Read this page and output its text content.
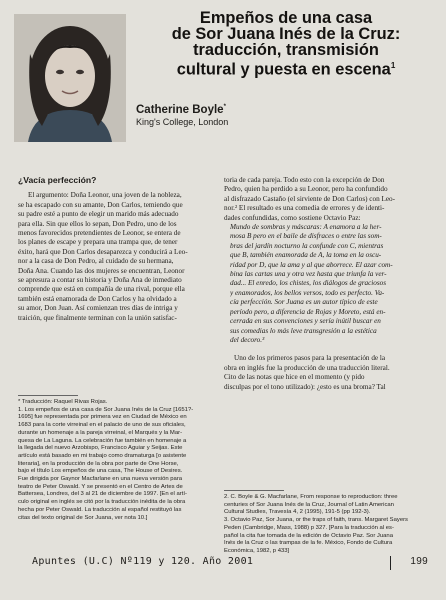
Empeños de una casa
de Sor Juana Inés de la Cruz:
traducción, transmisión
cultural y puesta en escena$^1$
Catherine Boyle*
King's College, London
¿Vacía perfección?

El argumento: Doña Leonor, una joven de la nobleza,
se ha escapado con su amante, Don Carlos, temiendo que
su padre esté a punto de elegir un marido más adecuado
para ella. Sin que ellos lo sepan, Don Pedro, uno de los
menos favorecidos pretendientes de Leonor, se entera de
los planes de escape y prepara una trampa que, de tener
éxito, hará que Don Carlos desaparezca y conducirá a Leo-
nor a la casa de Don Pedro, al cuidado de su hermana,
Doña Ana. Cuando las dos mujeres se encuentran, Leonor
se apresura a contar su historia y Doña Ana de inmediato
comprende que está en compañía de una rival, porque ella
también está enamorada de Don Carlos y ha olvidado a
su amor, Don Juan. Así comienzan tres días de intriga y
traición, que finalmente terminan con la unión satisfac-

toria de cada pareja. Todo esto con la excepción de Don
Pedro, quien ha perdido a su Leonor, pero ha confundido
al disfrazado Castaño (el sirviente de Don Carlos) con Leo-
nor.² El resultado es una comedia de errores y de identi-
dades confundidas, como sostiene Octavio Paz:

Mundo de sombras y máscaras: A enamora a la her-
mosa B pero en el baile de disfraces o entre las som-
bras del jardín nocturno la confunde con C, mientras
que B, también enamorada de A, la toma en la oscu-
ridad por D, que la ama y al que aborrece. El azar com-
bina las cartas una y otra vez hasta que triunfa la ver-
dad... El enredo, los chistes, los diálogos de graciosos
y enamorados, los bellos versos, todo es perfecto. Va-
cía perfección. Sor Juana es un autor típico de este
período pero, a diferencia de Rojas y Moreto, está en-
cerrada en sus convenciones y sería inútil buscar en
sus comedias lo más leve transgresión a la estética
del decoro.³

Uno de los primeros pasos para la presentación de la
obra en inglés fue la producción de una traducción literal.
Cito de las notas que hice en el momento (y pido
disculpas por el tono utilizado): ¿esto es una broma? Tal

* Traducción: Raquel Rivas Rojas.
1. Los empeños de una casa de Sor Juana Inés de la Cruz [1651?-
1695] fue representada por primera vez en Ciudad de México en
1683 para la corte virreinal en el palacio de uno de sus oficiales,
durante un homenaje a la pareja virreinal, el Marqués y la Mar-
quesa de La Laguna. La celebración fue también en homenaje a
la llegada del nuevo Arzobispo, Francisco Aguiar y Seijas. Este
artículo está basado en mi trabajo como dramaturga [o asistente
literaria], en la producción de la obra por parte de One Horse,
bajo el título Los empeños de una casa, The House of Desires.
Fue dirigida por Gaynor Macfarlane en una nueva versión para
teatro de Peter Oswald. Y se presentó en el Centro de Artes de
Battersea, Londres, del 3 al 21 de diciembre de 1997. [En el artí-
culo original en inglés se citó por la traducción inédita de la obra
hecha por Peter Oswald. La traducción al español restituyó las
citas del texto original de Sor Juana, ver nota 10.]
2. C. Boyle & G. Macfarlane, From response to reproduction: three
centuries of Sor Juana Inés de la Cruz, Journal of Latin American
Cultural Studies, Travesía 4, 2 (1995), 191-5 (pp 192-3).
3. Octavio Paz, Sor Juana, or the traps of faith, trans. Margaret Sayers
Peden (Cambridge, Mass, 1988) p 327. [Para la traducción al es-
pañol la cita fue tomada de la edición de Octavio Paz. Sor Juana
Inés de la Cruz o las trampas de la fe. México, Fondo de Cultura
Económica, 1982, p 433]
Apuntes (U.C) Nº119 y 120. Año 2001	199
